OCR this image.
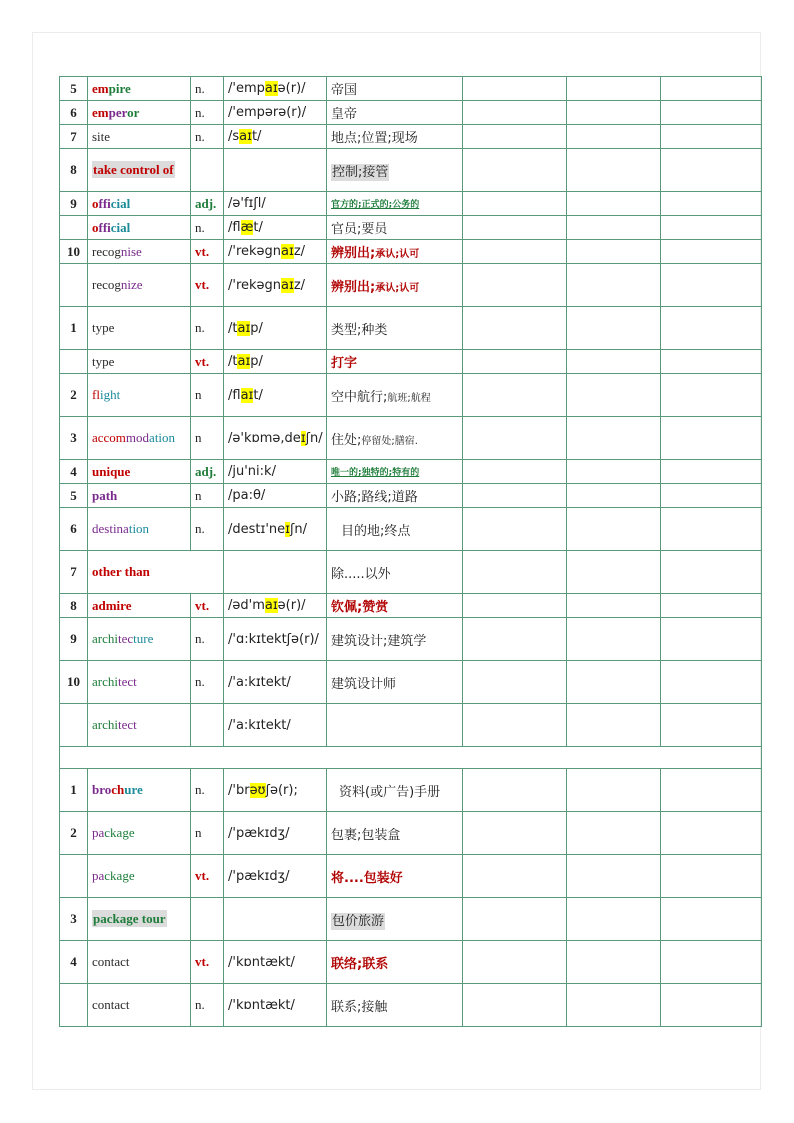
5	empire	n.	/'empaɪə(r)/	帝国			
6	emperor	n.	/'empərə(r)/	皇帝			
7	site	n.	/saɪt/	地点;位置;现场			
8	take control of			控制;接管			
9	official	adj.	/ə'fɪʃl/	官方的;正式的;公务的			
	official	n.	/flæt/	官员;要员			
10	recognise	vt.	/'rekəgnaɪz/	辨别出;承认;认可			
	recognize	vt.	/'rekəgnaɪz/	辨别出;承认;认可			
1	type	n.	/taɪp/	类型;种类			
	type	vt.	/taɪp/	打字			
2	flight	n	/flaɪt/	空中航行;航班;航程			
3	accommodation	n	/ə'kɒmə,deɪʃn/	住处;停留处;膳宿.			
4	unique	adj.	/ju'ni:k/	唯一的;独特的;特有的			
5	path	n	/pa:θ/	小路;路线;道路			
6	destination	n.	/destɪ'neɪʃn/	目的地;终点			
7	other than			除.....以外			
8	admire	vt.	/əd'maɪə(r)/	钦佩;赞赏			
9	architecture	n.	/'ɑ:kɪtektʃə(r)/	建筑设计;建筑学			
10	architect	n.	/'a:kɪtekt/	建筑设计师			
	architect		/'a:kɪtekt/				

1	brochure	n.	/'brəʊʃə(r);	资料(或广告)手册			
2	package	n	/'pækɪdʒ/	包裹;包装盒			
	package	vt.	/'pækɪdʒ/	将....包装好			
3	package tour			包价旅游			
4	contact	vt.	/'kɒntækt/	联络;联系			
	contact	n.	/'kɒntækt/	联系;接触			
